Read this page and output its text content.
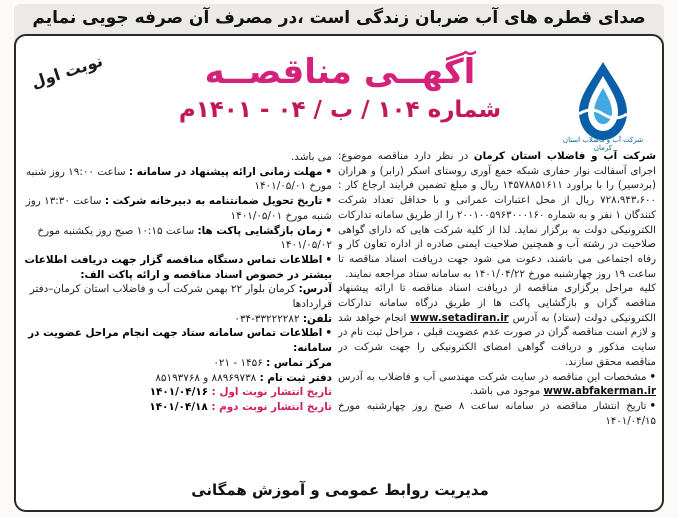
صدای قطره های آب ضربان زندگی است ،در مصرف آن صرفه جویی نمایم
آگهــی مناقصــه
شماره ۱۰۴ / ب / ۰۴ - ۱۴۰۱م
نوبت اول
شرکت آب و فاضلاب استان کرمان

شرکت آب و فاضلاب استان کرمان در نظر دارد مناقصه موضوع: اجرای آسفالت نوار حفاری شبکه جمع آوری روستای اسکر (رابر) و هراران (بردسیر) را با براورد ۱۴۵۷۸۸۵۱۶۱۱ ریال و مبلغ تضمین فرایند ارجاع کار : ۷۲۸،۹۴۳،۶۰۰ ریال از محل اعتبارات عمرانی و با حداقل تعداد شرکت کنندگان ۱ نفر و به شماره ۲۰۰۱۰۰۵۹۶۳۰۰۰۱۶۰ را از طریق سامانه تدارکات الکترونیکی دولت به برگزار نماید. لذا از کلیه شرکت هایی که دارای گواهی صلاحیت در رشته آب و همچنین صلاحیت ایمنی صادره از اداره تعاون کار و رفاه اجتماعی می باشند، دعوت می شود جهت دریافت اسناد مناقصه تا ساعت ۱۹ روز چهارشنبه مورخ ۱۴۰۱/۰۴/۲۲ به سامانه ستاد مراجعه نمایند.

کلیه مراحل برگزاری مناقصه از دریافت اسناد مناقصه تا ارائه پیشنهاد مناقصه گران و بازگشایی پاکت ها از طریق درگاه سامانه تدارکات الکترونیکی دولت (ستاد) به آدرس www.setadiran.ir انجام خواهد شد و لازم است مناقصه گران در صورت عدم عضویت قبلی ، مراحل ثبت نام در سایت مذکور و دریافت گواهی امضای الکترونیکی را جهت شرکت در مناقصه محقق سازند.

•مشخصات این مناقصه در سایت شرکت مهندسی آب و فاضلاب به آدرس www.abfakerman.ir موجود می باشد.

•تاریخ انتشار مناقصه در سامانه ساعت ۸ صبح روز چهارشنبه مورخ ۱۴۰۱/۰۴/۱۵

می باشد.

•مهلت زمانی ارائه پیشنهاد در سامانه : ساعت ۱۹:۰۰ روز شنبه مورخ ۱۴۰۱/۰۵/۰۱

•تاریخ تحویل ضمانتنامه به دبیرخانه شرکت : ساعت ۱۳:۳۰ روز شنبه مورخ ۱۴۰۱/۰۵/۰۱

•زمان بازگشایی پاکت ها: ساعت ۱۰:۱۵ صبح روز یکشنبه مورخ ۱۴۰۱/۰۵/۰۲

•اطلاعات تماس دستگاه مناقصه گزار جهت دریافت اطلاعات بیشتر در خصوص اسناد مناقصه و ارائه پاکت الف:

آدرس: کرمان بلوار ۲۲ بهمن شرکت آب و فاضلاب استان کرمان–دفتر قراردادها

تلفن: ۳۳۲۲۲۲۸۲-۰۳۴

•اطلاعات تماس سامانه ستاد جهت انجام مراحل عضویت در سامانه:

مرکز تماس : ۱۴۵۶ - ۰۲۱

دفتر ثبت نام : ۸۸۹۶۹۷۳۸ و ۸۵۱۹۳۷۶۸

تاریخ انتشار نوبت اول : ۱۴۰۱/۰۴/۱۶

تاریخ انتشار نوبت دوم : ۱۴۰۱/۰۴/۱۸

مدیریت روابط عمومی و آموزش همگانی
